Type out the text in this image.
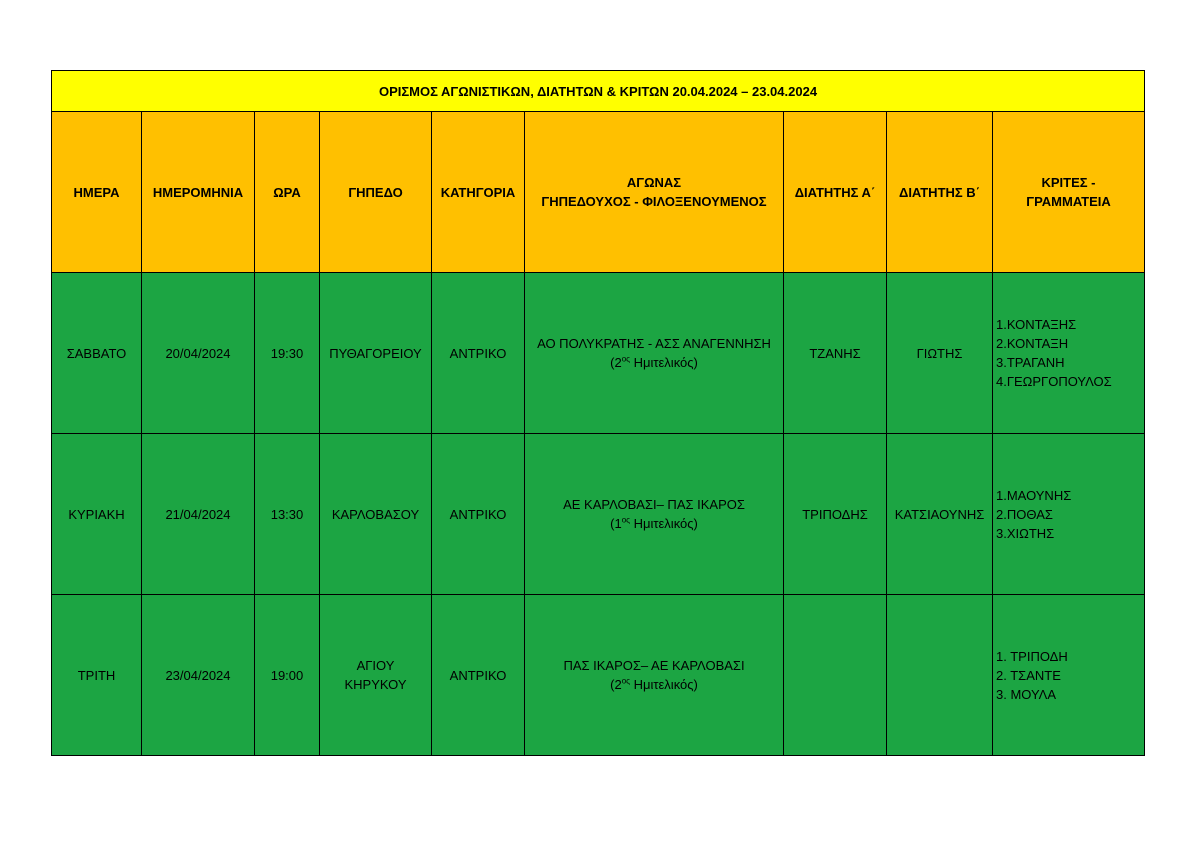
ΟΡΙΣΜΟΣ ΑΓΩΝΙΣΤΙΚΩΝ, ΔΙΑΤΗΤΩΝ & ΚΡΙΤΩΝ 20.04.2024 – 23.04.2024								
ΗΜΕΡΑ	ΗΜΕΡΟΜΗΝΙΑ	ΩΡΑ	ΓΗΠΕΔΟ	ΚΑΤΗΓΟΡΙΑ	ΑΓΩΝΑΣ
ΓΗΠΕΔΟΥΧΟΣ - ΦΙΛΟΞΕΝΟΥΜΕΝΟΣ	ΔΙΑΤΗΤΗΣ Α΄	ΔΙΑΤΗΤΗΣ Β΄	ΚΡΙΤΕΣ -
ΓΡΑΜΜΑΤΕΙΑ

ΣΑΒΒΑΤΟ	20/04/2024	19:30	ΠΥΘΑΓΟΡΕΙΟΥ	ΑΝΤΡΙΚΟ	ΑΟ ΠΟΛΥΚΡΑΤΗΣ - ΑΣΣ ΑΝΑΓΕΝΝΗΣΗ
($2^{o\varsigma}$ Ημιτελικός)	ΤΖΑΝΗΣ	ΓΙΩΤΗΣ	1.ΚΟΝΤΑΞΗΣ
2.ΚΟΝΤΑΞΗ
3.ΤΡΑΓΑΝΗ
4.ΓΕΩΡΓΟΠΟΥΛΟΣ

ΚΥΡΙΑΚΗ	21/04/2024	13:30	ΚΑΡΛΟΒΑΣΟΥ	ΑΝΤΡΙΚΟ	ΑΕ ΚΑΡΛΟΒΑΣΙ– ΠΑΣ ΙΚΑΡΟΣ
($1^{o\varsigma}$ Ημιτελικός)	ΤΡΙΠΟΔΗΣ	ΚΑΤΣΙΑΟΥΝΗΣ	1.ΜΑΟΥΝΗΣ
2.ΠΟΘΑΣ
3.ΧΙΩΤΗΣ

ΤΡΙΤΗ	23/04/2024	19:00	ΑΓΙΟΥ
ΚΗΡΥΚΟΥ	ΑΝΤΡΙΚΟ	ΠΑΣ ΙΚΑΡΟΣ– ΑΕ ΚΑΡΛΟΒΑΣΙ
($2^{o\varsigma}$ Ημιτελικός)			1. ΤΡΙΠΟΔΗ
2. ΤΣΑΝΤΕ
3. ΜΟΥΛΑ
